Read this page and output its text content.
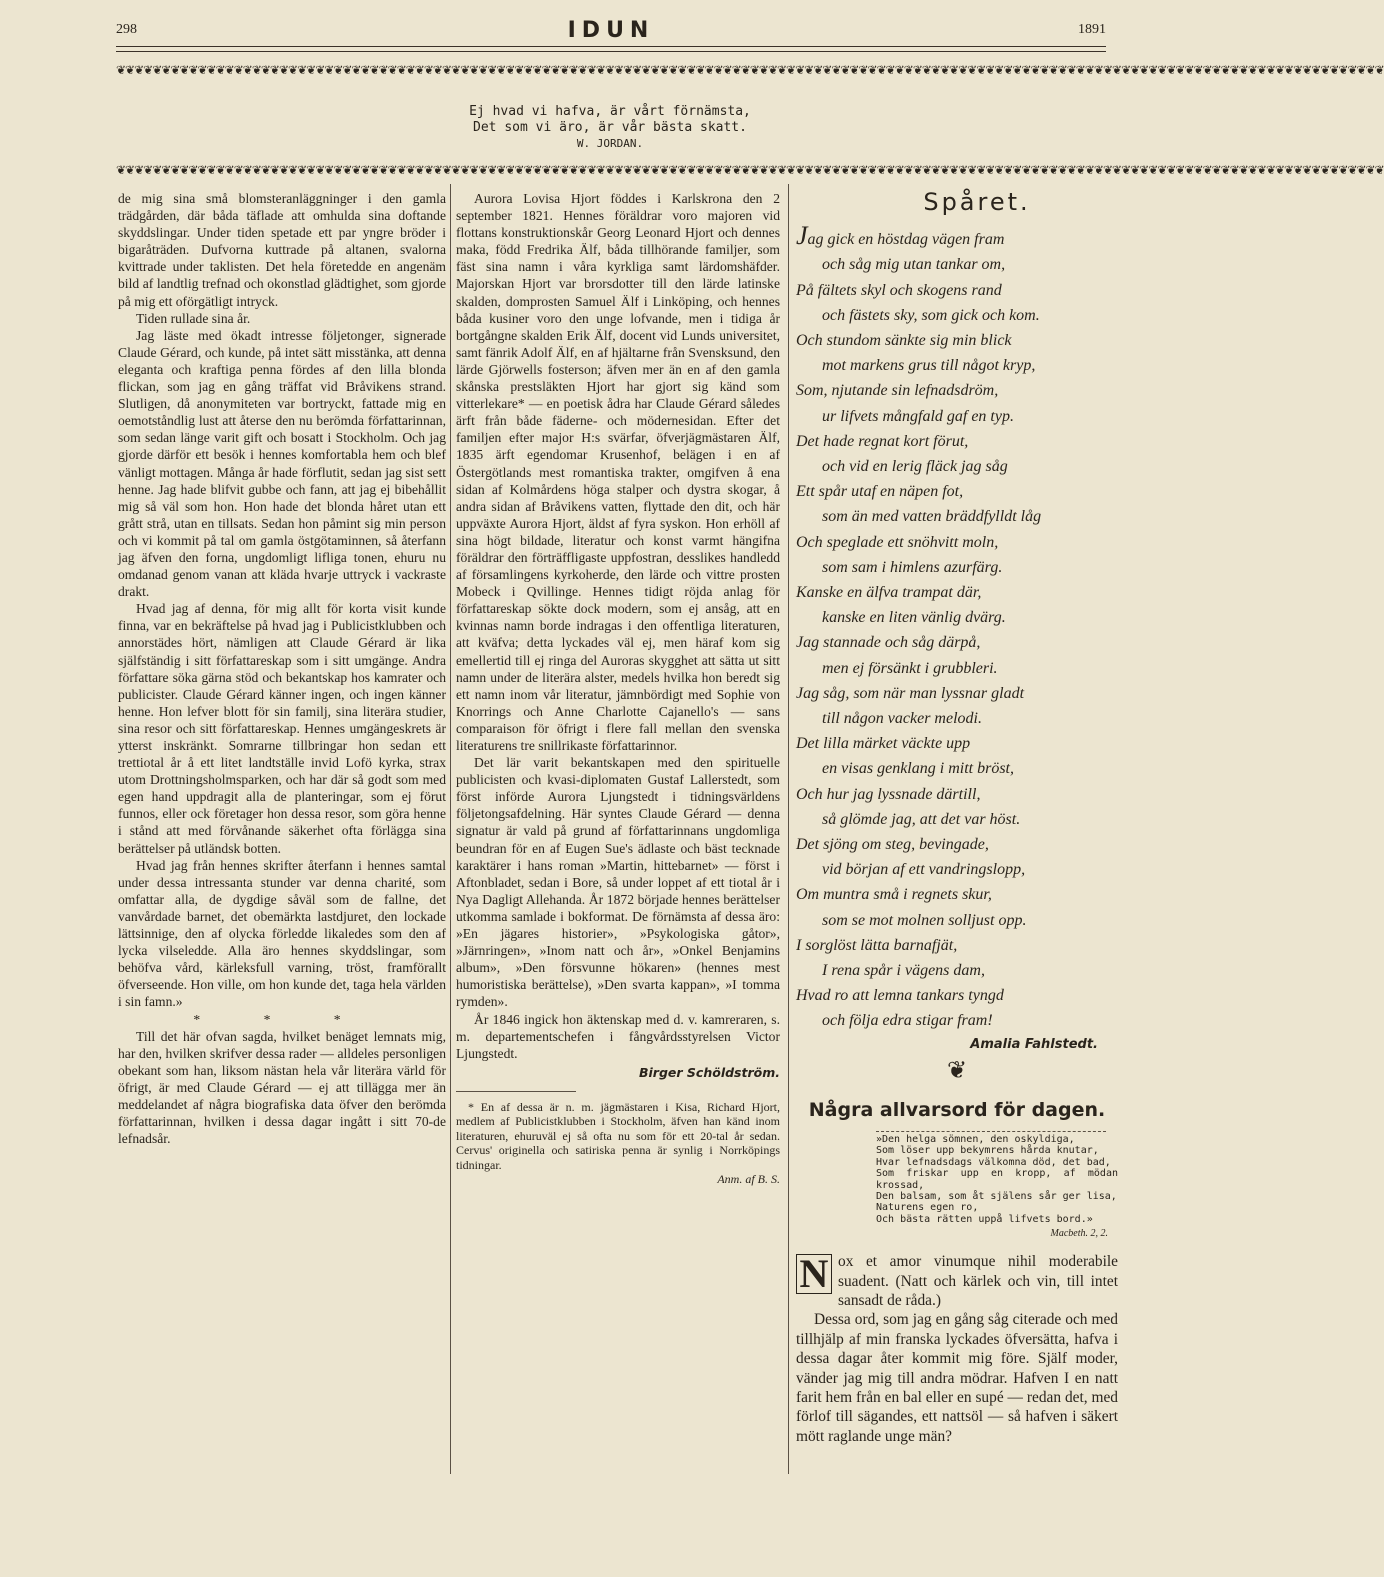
298	IDUN	1891
❦❦❦❦❦❦❦❦❦❦❦❦❦❦❦❦❦❦❦❦❦❦❦❦❦❦❦❦❦❦❦❦❦❦❦❦❦❦❦❦❦❦❦❦❦❦❦❦❦❦❦❦❦❦❦❦❦❦❦❦❦❦❦❦❦❦❦❦❦❦❦❦❦❦❦❦❦❦❦❦❦❦❦❦❦❦❦❦❦❦❦❦❦❦❦❦❦❦❦❦❦❦❦❦❦❦❦❦❦❦❦❦❦❦❦❦❦❦❦❦❦❦❦❦❦❦❦❦❦❦❦❦❦❦❦❦❦❦❦❦
Ej hvad vi hafva, är vårt förnämsta,
Det som vi äro, är vår bästa skatt.
W. JORDAN.
❦❦❦❦❦❦❦❦❦❦❦❦❦❦❦❦❦❦❦❦❦❦❦❦❦❦❦❦❦❦❦❦❦❦❦❦❦❦❦❦❦❦❦❦❦❦❦❦❦❦❦❦❦❦❦❦❦❦❦❦❦❦❦❦❦❦❦❦❦❦❦❦❦❦❦❦❦❦❦❦❦❦❦❦❦❦❦❦❦❦❦❦❦❦❦❦❦❦❦❦❦❦❦❦❦❦❦❦❦❦❦❦❦❦❦❦❦❦❦❦❦❦❦❦❦❦❦❦❦❦❦❦❦❦❦❦❦❦❦❦

de mig sina små blomsteranläggninger i den gamla trädgården, där båda täflade att omhulda sina doftande skyddslingar. Under tiden spetade ett par yngre bröder i bigaråträden. Dufvorna kuttrade på altanen, svalorna kvittrade under taklisten. Det hela företedde en angenäm bild af landtlig trefnad och okonstlad glädtighet, som gjorde på mig ett oförgätligt intryck.

Tiden rullade sina år.

Jag läste med ökadt intresse följetonger, signerade Claude Gérard, och kunde, på intet sätt misstänka, att denna eleganta och kraftiga penna fördes af den lilla blonda flickan, som jag en gång träffat vid Bråvikens strand. Slutligen, då anonymiteten var bortryckt, fattade mig en oemotståndlig lust att återse den nu berömda författarinnan, som sedan länge varit gift och bosatt i Stockholm. Och jag gjorde därför ett besök i hennes komfortabla hem och blef vänligt mottagen. Många år hade förflutit, sedan jag sist sett henne. Jag hade blifvit gubbe och fann, att jag ej bibehållit mig så väl som hon. Hon hade det blonda håret utan ett grått strå, utan en tillsats. Sedan hon påmint sig min person och vi kommit på tal om gamla östgötaminnen, så återfann jag äfven den forna, ungdomligt lifliga tonen, ehuru nu omdanad genom vanan att kläda hvarje uttryck i vackraste drakt.

Hvad jag af denna, för mig allt för korta visit kunde finna, var en bekräftelse på hvad jag i Publicistklubben och annorstädes hört, nämligen att Claude Gérard är lika själfständig i sitt författareskap som i sitt umgänge. Andra författare söka gärna stöd och bekantskap hos kamrater och publicister. Claude Gérard känner ingen, och ingen känner henne. Hon lefver blott för sin familj, sina literära studier, sina resor och sitt författareskap. Hennes umgängeskrets är ytterst inskränkt. Somrarne tillbringar hon sedan ett trettiotal år å ett litet landtställe invid Lofö kyrka, strax utom Drottningsholmsparken, och har där så godt som med egen hand uppdragit alla de planteringar, som ej förut funnos, eller ock företager hon dessa resor, som göra henne i stånd att med förvånande säkerhet ofta förlägga sina berättelser på utländsk botten.

Hvad jag från hennes skrifter återfann i hennes samtal under dessa intressanta stunder var denna charité, som omfattar alla, de dygdige såväl som de fallne, det vanvårdade barnet, det obemärkta lastdjuret, den lockade lättsinnige, den af olycka förledde likaledes som den af lycka vilseledde. Alla äro hennes skyddslingar, som behöfva vård, kärleksfull varning, tröst, framförallt öfverseende. Hon ville, om hon kunde det, taga hela världen i sin famn.»

* * *

Till det här ofvan sagda, hvilket benäget lemnats mig, har den, hvilken skrifver dessa rader — alldeles personligen obekant som han, liksom nästan hela vår literära värld för öfrigt, är med Claude Gérard — ej att tillägga mer än meddelandet af några biografiska data öfver den berömda författarinnan, hvilken i dessa dagar ingått i sitt 70-de lefnadsår.

Aurora Lovisa Hjort föddes i Karlskrona den 2 september 1821. Hennes föräldrar voro majoren vid flottans konstruktionskår Georg Leonard Hjort och dennes maka, född Fredrika Älf, båda tillhörande familjer, som fäst sina namn i våra kyrkliga samt lärdomshäfder. Majorskan Hjort var brorsdotter till den lärde latinske skalden, domprosten Samuel Älf i Linköping, och hennes båda kusiner voro den unge lofvande, men i tidiga år bortgångne skalden Erik Älf, docent vid Lunds universitet, samt fänrik Adolf Älf, en af hjältarne från Svensksund, den lärde Gjörwells fosterson; äfven mer än en af den gamla skånska prestsläkten Hjort har gjort sig känd som vitterlekare* — en poetisk ådra har Claude Gérard således ärft från både fäderne- och mödernesidan. Efter det familjen efter major H:s svärfar, öfverjägmästaren Älf, 1835 ärft egendomar Krusenhof, belägen i en af Östergötlands mest romantiska trakter, omgifven å ena sidan af Kolmårdens höga stalper och dystra skogar, å andra sidan af Bråvikens vatten, flyttade den dit, och här uppväxte Aurora Hjort, äldst af fyra syskon. Hon erhöll af sina högt bildade, literatur och konst varmt hängifna föräldrar den förträffligaste uppfostran, desslikes handledd af församlingens kyrkoherde, den lärde och vittre prosten Mobeck i Qvillinge. Hennes tidigt röjda anlag för författareskap sökte dock modern, som ej ansåg, att en kvinnas namn borde indragas i den offentliga literaturen, att kväfva; detta lyckades väl ej, men häraf kom sig emellertid till ej ringa del Auroras skygghet att sätta ut sitt namn under de literära alster, medels hvilka hon beredt sig ett namn inom vår literatur, jämnbördigt med Sophie von Knorrings och Anne Charlotte Cajanello's — sans comparaison för öfrigt i flere fall mellan den svenska literaturens tre snillrikaste författarinnor.

Det lär varit bekantskapen med den spirituelle publicisten och kvasi-diplomaten Gustaf Lallerstedt, som först införde Aurora Ljungstedt i tidningsvärldens följetongsafdelning. Här syntes Claude Gérard — denna signatur är vald på grund af författarinnans ungdomliga beundran för en af Eugen Sue's ädlaste och bäst tecknade karaktärer i hans roman »Martin, hittebarnet» — först i Aftonbladet, sedan i Bore, så under loppet af ett tiotal år i Nya Dagligt Allehanda. År 1872 började hennes berättelser utkomma samlade i bokformat. De förnämsta af dessa äro: »En jägares historier», »Psykologiska gåtor», »Järnringen», »Inom natt och år», »Onkel Benjamins album», »Den försvunne hökaren» (hennes mest humoristiska berättelse), »Den svarta kappan», »I tomma rymden».

År 1846 ingick hon äktenskap med d. v. kamreraren, s. m. departementschefen i fångvårdsstyrelsen Victor Ljungstedt.

Birger Schöldström.

* En af dessa är n. m. jägmästaren i Kisa, Richard Hjort, medlem af Publicistklubben i Stockholm, äfven han känd inom literaturen, ehuruväl ej så ofta nu som för ett 20-tal år sedan. Cervus' originella och satiriska penna är synlig i Norrköpings tidningar.

Anm. af B. S.
Spåret.
Jag gick en höstdag vägen fram
och såg mig utan tankar om,
På fältets skyl och skogens rand
och fästets sky, som gick och kom.
Och stundom sänkte sig min blick
mot markens grus till något kryp,
Som, njutande sin lefnadsdröm,
ur lifvets mångfald gaf en typ.
Det hade regnat kort förut,
och vid en lerig fläck jag såg
Ett spår utaf en näpen fot,
som än med vatten bräddfylldt låg
Och speglade ett snöhvitt moln,
som sam i himlens azurfärg.
Kanske en älfva trampat där,
kanske en liten vänlig dvärg.
Jag stannade och såg därpå,
men ej försänkt i grubbleri.
Jag såg, som när man lyssnar gladt
till någon vacker melodi.
Det lilla märket väckte upp
en visas genklang i mitt bröst,
Och hur jag lyssnade därtill,
så glömde jag, att det var höst.
Det sjöng om steg, bevingade,
vid början af ett vandringslopp,
Om muntra små i regnets skur,
som se mot molnen solljust opp.
I sorglöst lätta barnafjät,
I rena spår i vägens dam,
Hvad ro att lemna tankars tyngd
och följa edra stigar fram!
Amalia Fahlstedt.
❦
Några allvarsord för dagen.
»Den helga sömnen, den oskyldiga,
Som löser upp bekymrens hårda knutar,
Hvar lefnadsdags välkomna död, det bad,
Som friskar upp en kropp, af mödan krossad,
Den balsam, som åt själens sår ger lisa,
Naturens egen ro,
Och bästa rätten uppå lifvets bord.»
Macbeth. 2, 2.
N ox et amor vinumque nihil moderabile suadent. (Natt och kärlek och vin, till intet sansadt de råda.)

Dessa ord, som jag en gång såg citerade och med tillhjälp af min franska lyckades öfversätta, hafva i dessa dagar åter kommit mig före. Själf moder, vänder jag mig till andra mödrar. Hafven I en natt farit hem från en bal eller en supé — redan det, med förlof till sägandes, ett nattsöl — så hafven i säkert mött raglande unge män?
